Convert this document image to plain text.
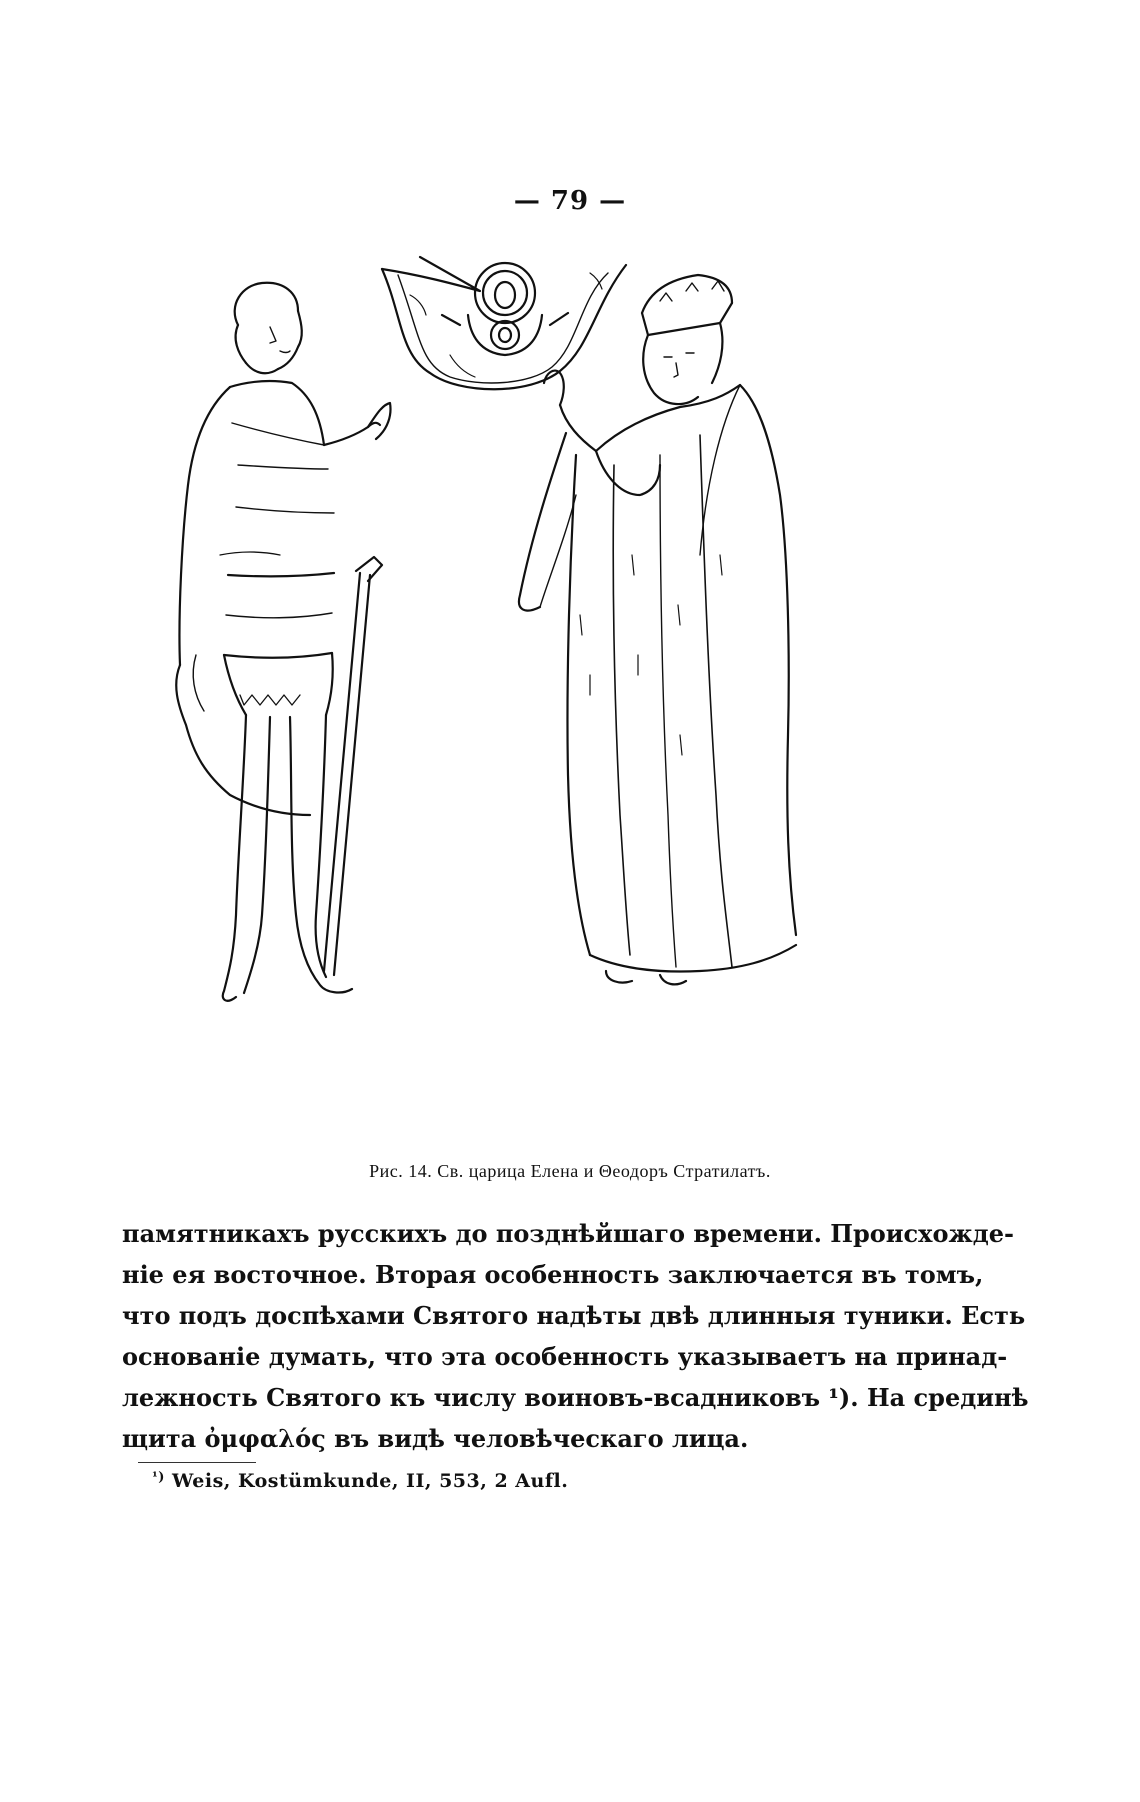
— 79 —
Рис. 14. Св. царица Елена и Θеодоръ Стратилатъ.
памятникахъ русскихъ до позднѣйшаго времени. Происхожде-
ніе ея восточное. Вторая особенность заключается въ томъ,
что подъ доспѣхами Святого надѣты двѣ длинныя туники. Есть
основаніе думать, что эта особенность указываетъ на принад-
лежность Святого къ числу воиновъ-всадниковъ ¹). На срединѣ
щита ὀμφαλός въ видѣ человѣческаго лица.
$^{^1)}$ Weis, Kostümkunde, II, 553, 2 Aufl.
